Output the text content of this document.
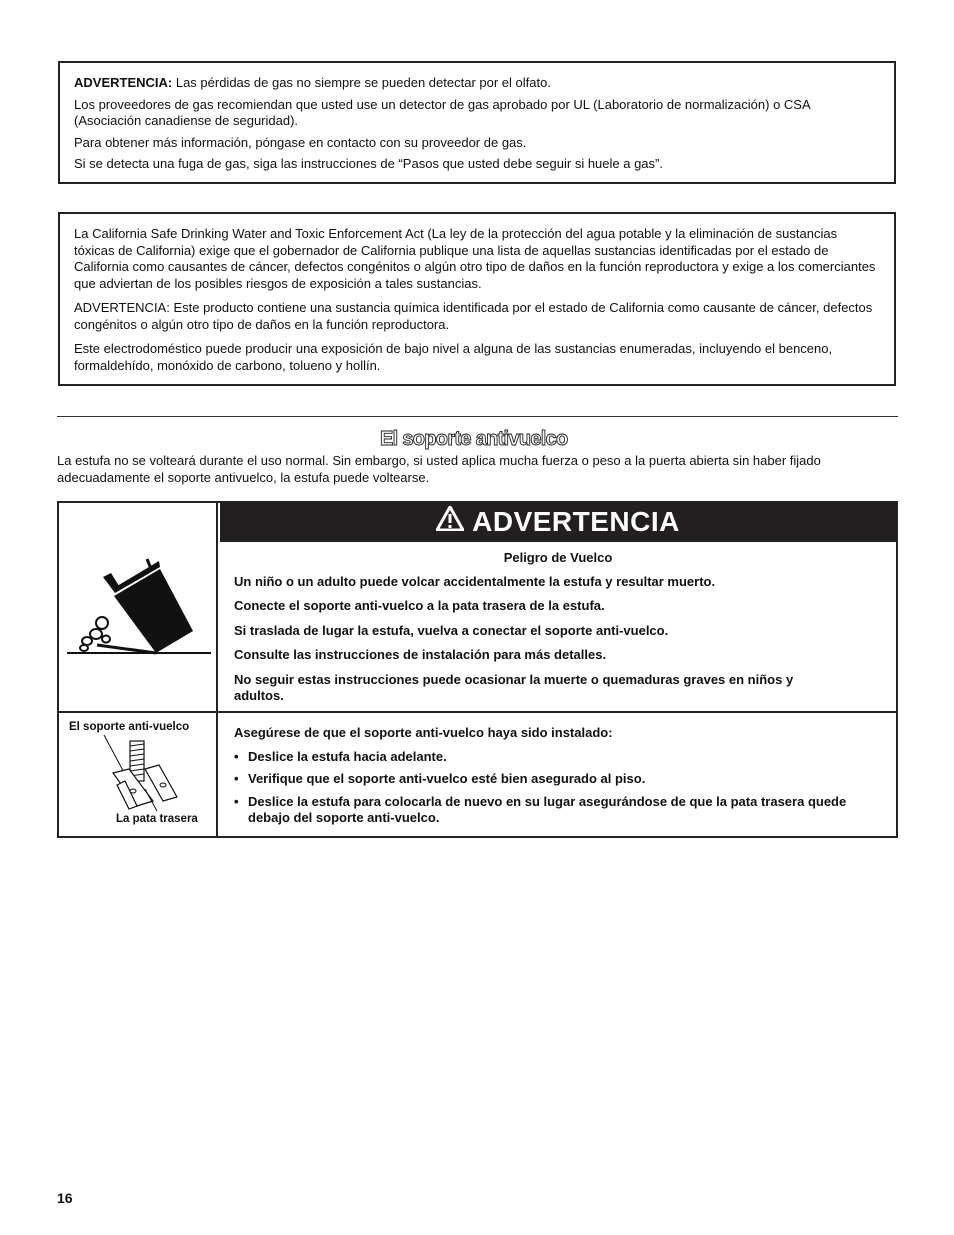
ADVERTENCIA: Las pérdidas de gas no siempre se pueden detectar por el olfato.

Los proveedores de gas recomiendan que usted use un detector de gas aprobado por UL (Laboratorio de normalización) o CSA (Asociación canadiense de seguridad).

Para obtener más información, póngase en contacto con su proveedor de gas.

Si se detecta una fuga de gas, siga las instrucciones de “Pasos que usted debe seguir si huele a gas”.

La California Safe Drinking Water and Toxic Enforcement Act (La ley de la protección del agua potable y la eliminación de sustancias tóxicas de California) exige que el gobernador de California publique una lista de aquellas sustancias identificadas por el estado de California como causantes de cáncer, defectos congénitos o algún otro tipo de daños en la función reproductora y exige a los comerciantes que adviertan de los posibles riesgos de exposición a tales sustancias.

ADVERTENCIA: Este producto contiene una sustancia química identificada por el estado de California como causante de cáncer, defectos congénitos o algún otro tipo de daños en la función reproductora.

Este electrodoméstico puede producir una exposición de bajo nivel a alguna de las sustancias enumeradas, incluyendo el benceno, formaldehído, monóxido de carbono, tolueno y hollín.

El soporte antivuelco

La estufa no se volteará durante el uso normal. Sin embargo, si usted aplica mucha fuerza o peso a la puerta abierta sin haber fijado adecuadamente el soporte antivuelco, la estufa puede voltearse.

ADVERTENCIA

Peligro de Vuelco

Un niño o un adulto puede volcar accidentalmente la estufa y resultar muerto.

Conecte el soporte anti-vuelco a la pata trasera de la estufa.

Si traslada de lugar la estufa, vuelva a conectar el soporte anti-vuelco.

Consulte las instrucciones de instalación para más detalles.

No seguir estas instrucciones puede ocasionar la muerte o quemaduras graves en niños y adultos.

El soporte anti-vuelco
La pata trasera

Asegúrese de que el soporte anti-vuelco haya sido instalado:

• Deslice la estufa hacia adelante.
• Verifique que el soporte anti-vuelco esté bien asegurado al piso.
• Deslice la estufa para colocarla de nuevo en su lugar asegurándose de que la pata trasera quede debajo del soporte anti-vuelco.
16
